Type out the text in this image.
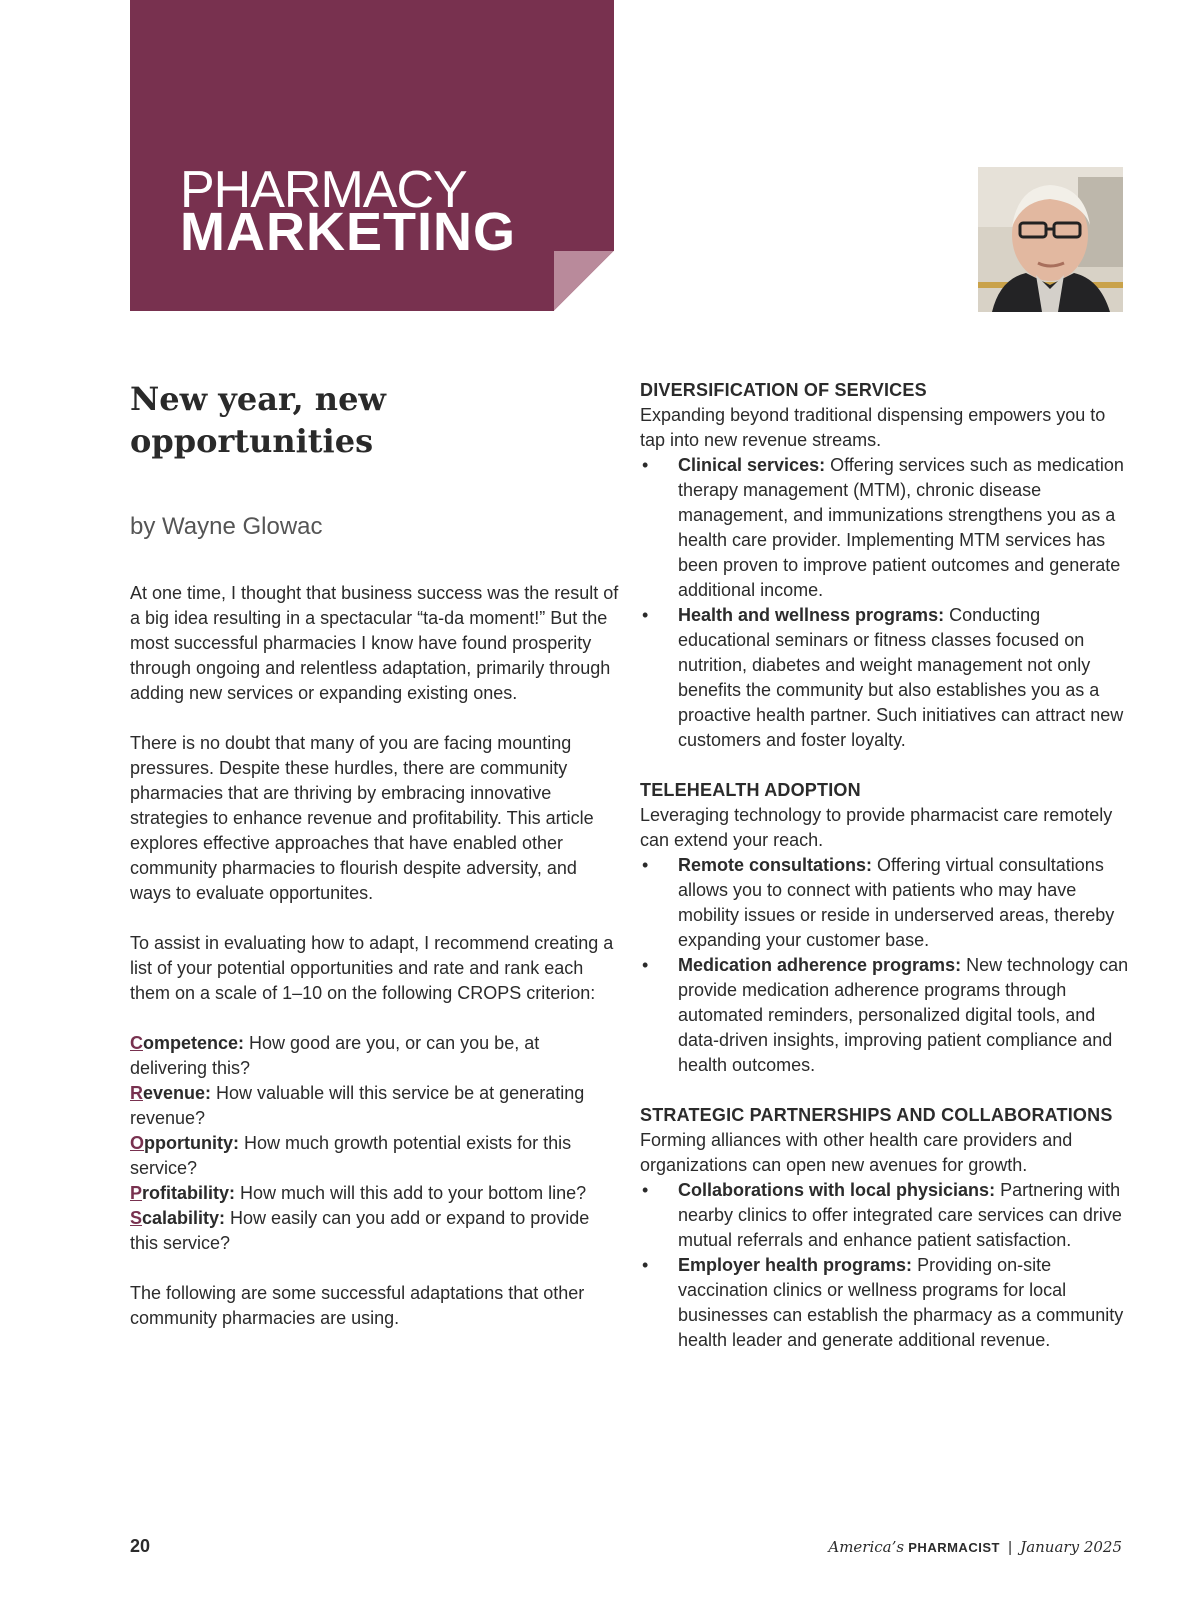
PHARMACY
MARKETING
New year, new
opportunities
by Wayne Glowac

At one time, I thought that business success was the result of a big idea resulting in a spectacular “ta-da moment!” But the most successful pharmacies I know have found prosperity through ongoing and relentless adaptation, primarily through adding new services or expanding existing ones.

There is no doubt that many of you are facing mounting pressures. Despite these hurdles, there are community pharmacies that are thriving by embracing innovative strategies to enhance revenue and profitability. This article explores effective approaches that have enabled other community pharmacies to flourish despite adversity, and ways to evaluate opportunites.

To assist in evaluating how to adapt, I recommend creating a list of your potential opportunities and rate and rank each them on a scale of 1–10 on the following CROPS criterion:

Competence: How good are you, or can you be, at delivering this?
Revenue: How valuable will this service be at generating revenue?
Opportunity: How much growth potential exists for this service?
Profitability: How much will this add to your bottom line?
Scalability: How easily can you add or expand to provide this service?

The following are some successful adaptations that other community pharmacies are using.

DIVERSIFICATION OF SERVICES

Expanding beyond traditional dispensing empowers you to tap into new revenue streams.

• Clinical services: Offering services such as medication therapy management (MTM), chronic disease management, and immunizations strengthens you as a health care provider. Implementing MTM services has been proven to improve patient outcomes and generate additional income.
• Health and wellness programs: Conducting educational seminars or fitness classes focused on nutrition, diabetes and weight management not only benefits the community but also establishes you as a proactive health partner. Such initiatives can attract new customers and foster loyalty.
TELEHEALTH ADOPTION

Leveraging technology to provide pharmacist care remotely can extend your reach.

• Remote consultations: Offering virtual consultations allows you to connect with patients who may have mobility issues or reside in underserved areas, thereby expanding your customer base.
• Medication adherence programs: New technology can provide medication adherence programs through automated reminders, personalized digital tools, and data-driven insights, improving patient compliance and health outcomes.
STRATEGIC PARTNERSHIPS AND COLLABORATIONS

Forming alliances with other health care providers and organizations can open new avenues for growth.

• Collaborations with local physicians: Partnering with nearby clinics to offer integrated care services can drive mutual referrals and enhance patient satisfaction.
• Employer health programs: Providing on-site vaccination clinics or wellness programs for local businesses can establish the pharmacy as a community health leader and generate additional revenue.
20	America’s PHARMACIST | January 2025
